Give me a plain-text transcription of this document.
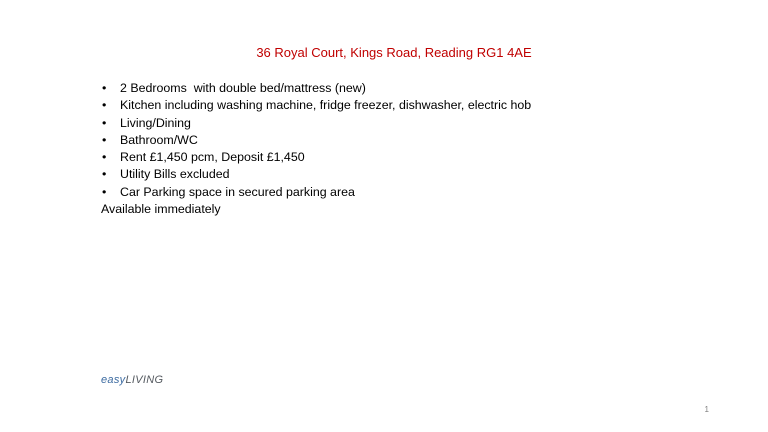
36 Royal Court, Kings Road, Reading RG1 4AE
• 2 Bedrooms  with double bed/mattress (new)
• Kitchen including washing machine, fridge freezer, dishwasher, electric hob
• Living/Dining
• Bathroom/WC
• Rent £1,450 pcm, Deposit £1,450
• Utility Bills excluded
• Car Parking space in secured parking area
Available immediately
easyLIVING
1
